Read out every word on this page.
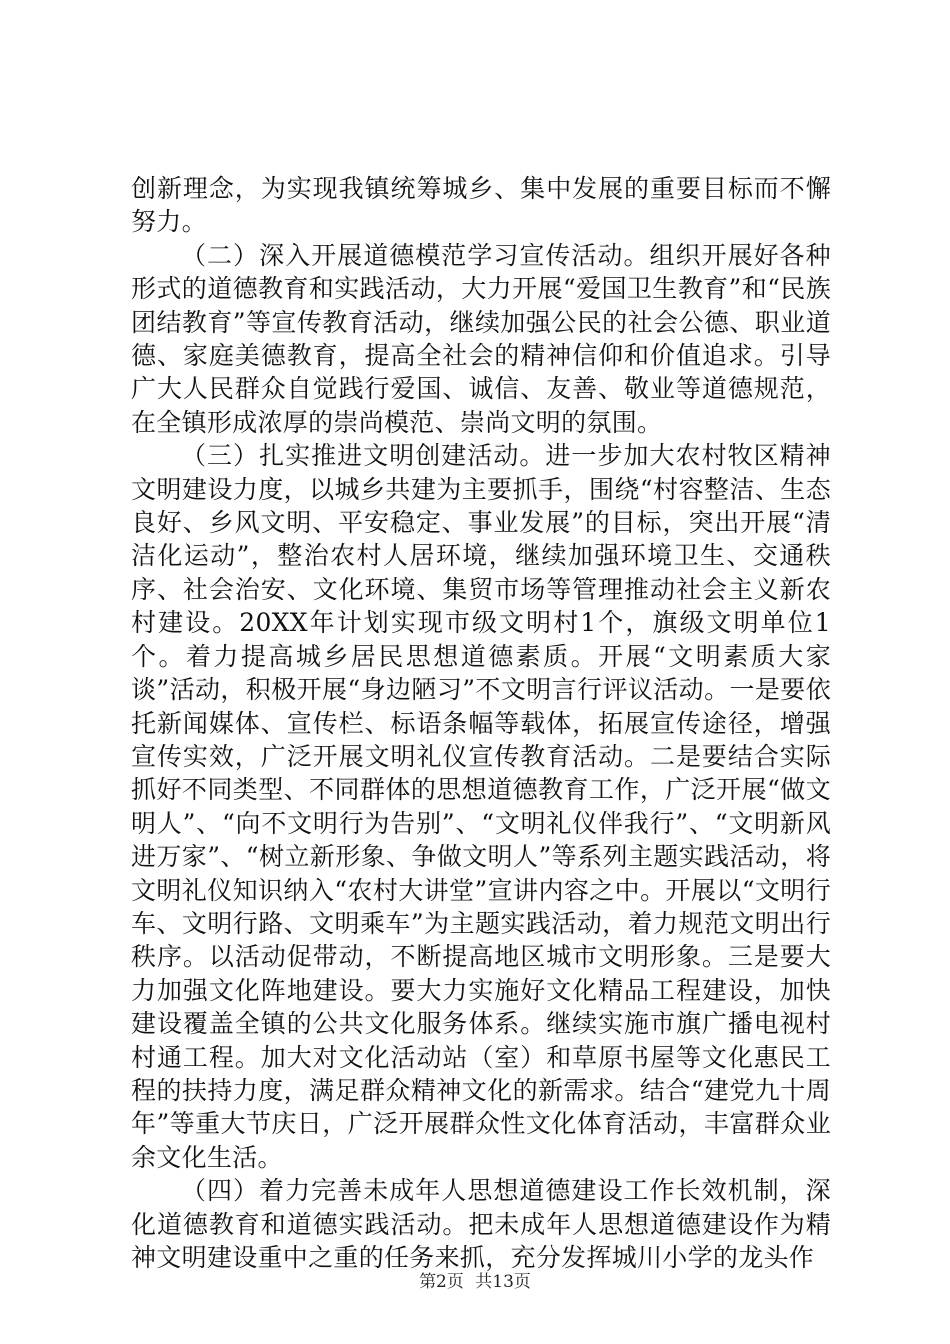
创新理念，为实现我镇统筹城乡、集中发展的重要目标而不懈努力。

（二）深入开展道德模范学习宣传活动。组织开展好各种形式的道德教育和实践活动，大力开展“爱国卫生教育”和“民族团结教育”等宣传教育活动，继续加强公民的社会公德、职业道德、家庭美德教育，提高全社会的精神信仰和价值追求。引导广大人民群众自觉践行爱国、诚信、友善、敬业等道德规范，在全镇形成浓厚的崇尚模范、崇尚文明的氛围。

（三）扎实推进文明创建活动。进一步加大农村牧区精神文明建设力度，以城乡共建为主要抓手，围绕“村容整洁、生态良好、乡风文明、平安稳定、事业发展”的目标，突出开展“清洁化运动”，整治农村人居环境，继续加强环境卫生、交通秩序、社会治安、文化环境、集贸市场等管理推动社会主义新农村建设。20XX年计划实现市级文明村1个，旗级文明单位1个。着力提高城乡居民思想道德素质。开展“文明素质大家谈”活动，积极开展“身边陋习”不文明言行评议活动。一是要依托新闻媒体、宣传栏、标语条幅等载体，拓展宣传途径，增强宣传实效，广泛开展文明礼仪宣传教育活动。二是要结合实际抓好不同类型、不同群体的思想道德教育工作，广泛开展“做文明人”、“向不文明行为告别”、“文明礼仪伴我行”、“文明新风进万家”、“树立新形象、争做文明人”等系列主题实践活动，将文明礼仪知识纳入“农村大讲堂”宣讲内容之中。开展以“文明行车、文明行路、文明乘车”为主题实践活动，着力规范文明出行秩序。以活动促带动，不断提高地区城市文明形象。三是要大力加强文化阵地建设。要大力实施好文化精品工程建设，加快建设覆盖全镇的公共文化服务体系。继续实施市旗广播电视村村通工程。加大对文化活动站（室）和草原书屋等文化惠民工程的扶持力度，满足群众精神文化的新需求。结合“建党九十周年”等重大节庆日，广泛开展群众性文化体育活动，丰富群众业余文化生活。

（四）着力完善未成年人思想道德建设工作长效机制，深化道德教育和道德实践活动。把未成年人思想道德建设作为精神文明建设重中之重的任务来抓，充分发挥城川小学的龙头作

第2页 共13页
